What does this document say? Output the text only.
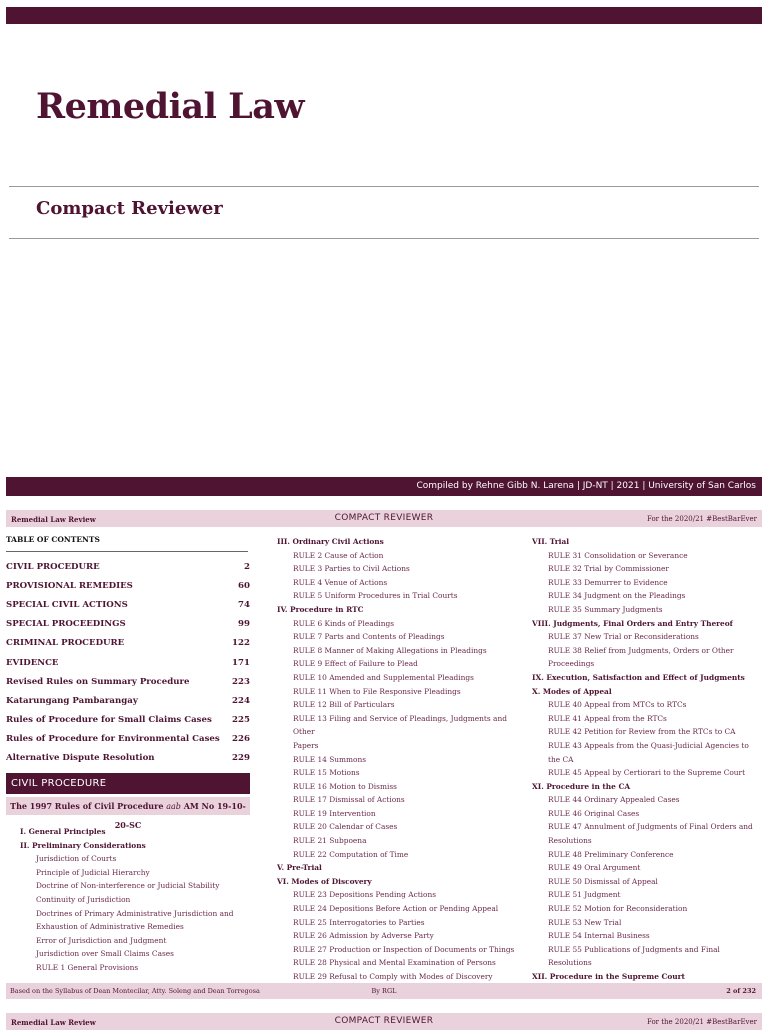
Remedial Law
Compact Reviewer
Compiled by Rehne Gibb N. Larena | JD-NT | 2021 | University of San Carlos
Remedial Law Review	COMPACT REVIEWER	For the 2020/21 #BestBarEver
TABLE OF CONTENTS
CIVIL PROCEDURE	2
PROVISIONAL REMEDIES	60
SPECIAL CIVIL ACTIONS	74
SPECIAL PROCEEDINGS	99
CRIMINAL PROCEDURE	122
EVIDENCE	171
Revised Rules on Summary Procedure	223
Katarungang Pambarangay	224
Rules of Procedure for Small Claims Cases 225
Rules of Procedure for Environmental Cases 226
Alternative Dispute Resolution	229
CIVIL PROCEDURE
The 1997 Rules of Civil Procedure aab AM No 19-10-20-SC
I. General Principles
II. Preliminary Considerations
Jurisdiction of Courts
Principle of Judicial Hierarchy
Doctrine of Non-interference or Judicial Stability
Continuity of Jurisdiction
Doctrines of Primary Administrative Jurisdiction and
Exhaustion of Administrative Remedies
Error of Jurisdiction and Judgment
Jurisdiction over Small Claims Cases
RULE 1 General Provisions
III. Ordinary Civil Actions
RULE 2 Cause of Action
RULE 3 Parties to Civil Actions
RULE 4 Venue of Actions
RULE 5 Uniform Procedures in Trial Courts
IV. Procedure in RTC
RULE 6 Kinds of Pleadings
RULE 7 Parts and Contents of Pleadings
RULE 8 Manner of Making Allegations in Pleadings
RULE 9 Effect of Failure to Plead
RULE 10 Amended and Supplemental Pleadings
RULE 11 When to File Responsive Pleadings
RULE 12 Bill of Particulars
RULE 13 Filing and Service of Pleadings, Judgments and Other
Papers
RULE 14 Summons
RULE 15 Motions
RULE 16 Motion to Dismiss
RULE 17 Dismissal of Actions
RULE 19 Intervention
RULE 20 Calendar of Cases
RULE 21 Subpoena
RULE 22 Computation of Time
V. Pre-Trial
VI. Modes of Discovery
RULE 23 Depositions Pending Actions
RULE 24 Depositions Before Action or Pending Appeal
RULE 25 Interrogatories to Parties
RULE 26 Admission by Adverse Party
RULE 27 Production or Inspection of Documents or Things
RULE 28 Physical and Mental Examination of Persons
RULE 29 Refusal to Comply with Modes of Discovery
VII. Trial
RULE 31 Consolidation or Severance
RULE 32 Trial by Commissioner
RULE 33 Demurrer to Evidence
RULE 34 Judgment on the Pleadings
RULE 35 Summary Judgments
VIII. Judgments, Final Orders and Entry Thereof
RULE 37 New Trial or Reconsiderations
RULE 38 Relief from Judgments, Orders or Other Proceedings
IX. Execution, Satisfaction and Effect of Judgments
X. Modes of Appeal
RULE 40 Appeal from MTCs to RTCs
RULE 41 Appeal from the RTCs
RULE 42 Petition for Review from the RTCs to CA
RULE 43 Appeals from the Quasi-Judicial Agencies to the CA
RULE 45 Appeal by Certiorari to the Supreme Court
XI. Procedure in the CA
RULE 44 Ordinary Appealed Cases
RULE 46 Original Cases
RULE 47 Annulment of Judgments of Final Orders and
Resolutions
RULE 48 Preliminary Conference
RULE 49 Oral Argument
RULE 50 Dismissal of Appeal
RULE 51 Judgment
RULE 52 Motion for Reconsideration
RULE 53 New Trial
RULE 54 Internal Business
RULE 55 Publications of Judgments and Final Resolutions
XII. Procedure in the Supreme Court
Based on the Syllabus of Dean Montecilar, Atty. Soleng and Dean Torregosa	By RGL	2 of 232
Remedial Law Review	COMPACT REVIEWER	For the 2020/21 #BestBarEver
